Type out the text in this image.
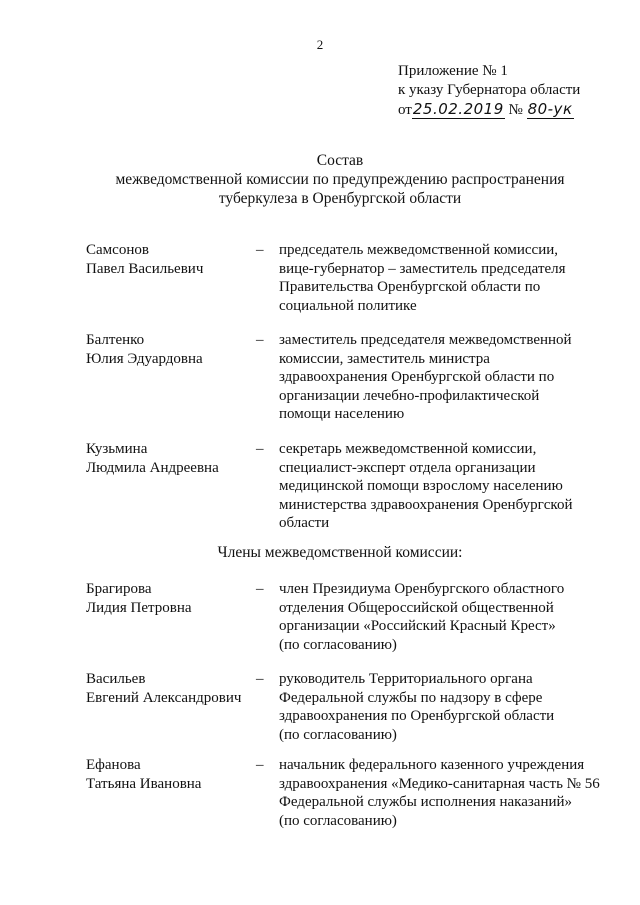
2
Приложение № 1
к указу Губернатора области
от25.02.2019 № 80-ук
Состав
межведомственной комиссии по предупреждению распространения
туберкулеза в Оренбургской области
Самсонов
Павел Васильевич
– председатель межведомственной комиссии,
вице-губернатор – заместитель председателя
Правительства Оренбургской области по
социальной политике
Балтенко
Юлия Эдуардовна
– заместитель председателя межведомственной
комиссии, заместитель министра
здравоохранения Оренбургской области по
организации лечебно-профилактической
помощи населению
Кузьмина
Людмила Андреевна
– секретарь межведомственной комиссии,
специалист-эксперт отдела организации
медицинской помощи взрослому населению
министерства здравоохранения Оренбургской
области
Члены межведомственной комиссии:
Брагирова
Лидия Петровна
– член Президиума Оренбургского областного
отделения Общероссийской общественной
организации «Российский Красный Крест»
(по согласованию)
Васильев
Евгений Александрович
– руководитель Территориального органа
Федеральной службы по надзору в сфере
здравоохранения по Оренбургской области
(по согласованию)
Ефанова
Татьяна Ивановна
– начальник федерального казенного учреждения
здравоохранения «Медико-санитарная часть № 56
Федеральной службы исполнения наказаний»
(по согласованию)
